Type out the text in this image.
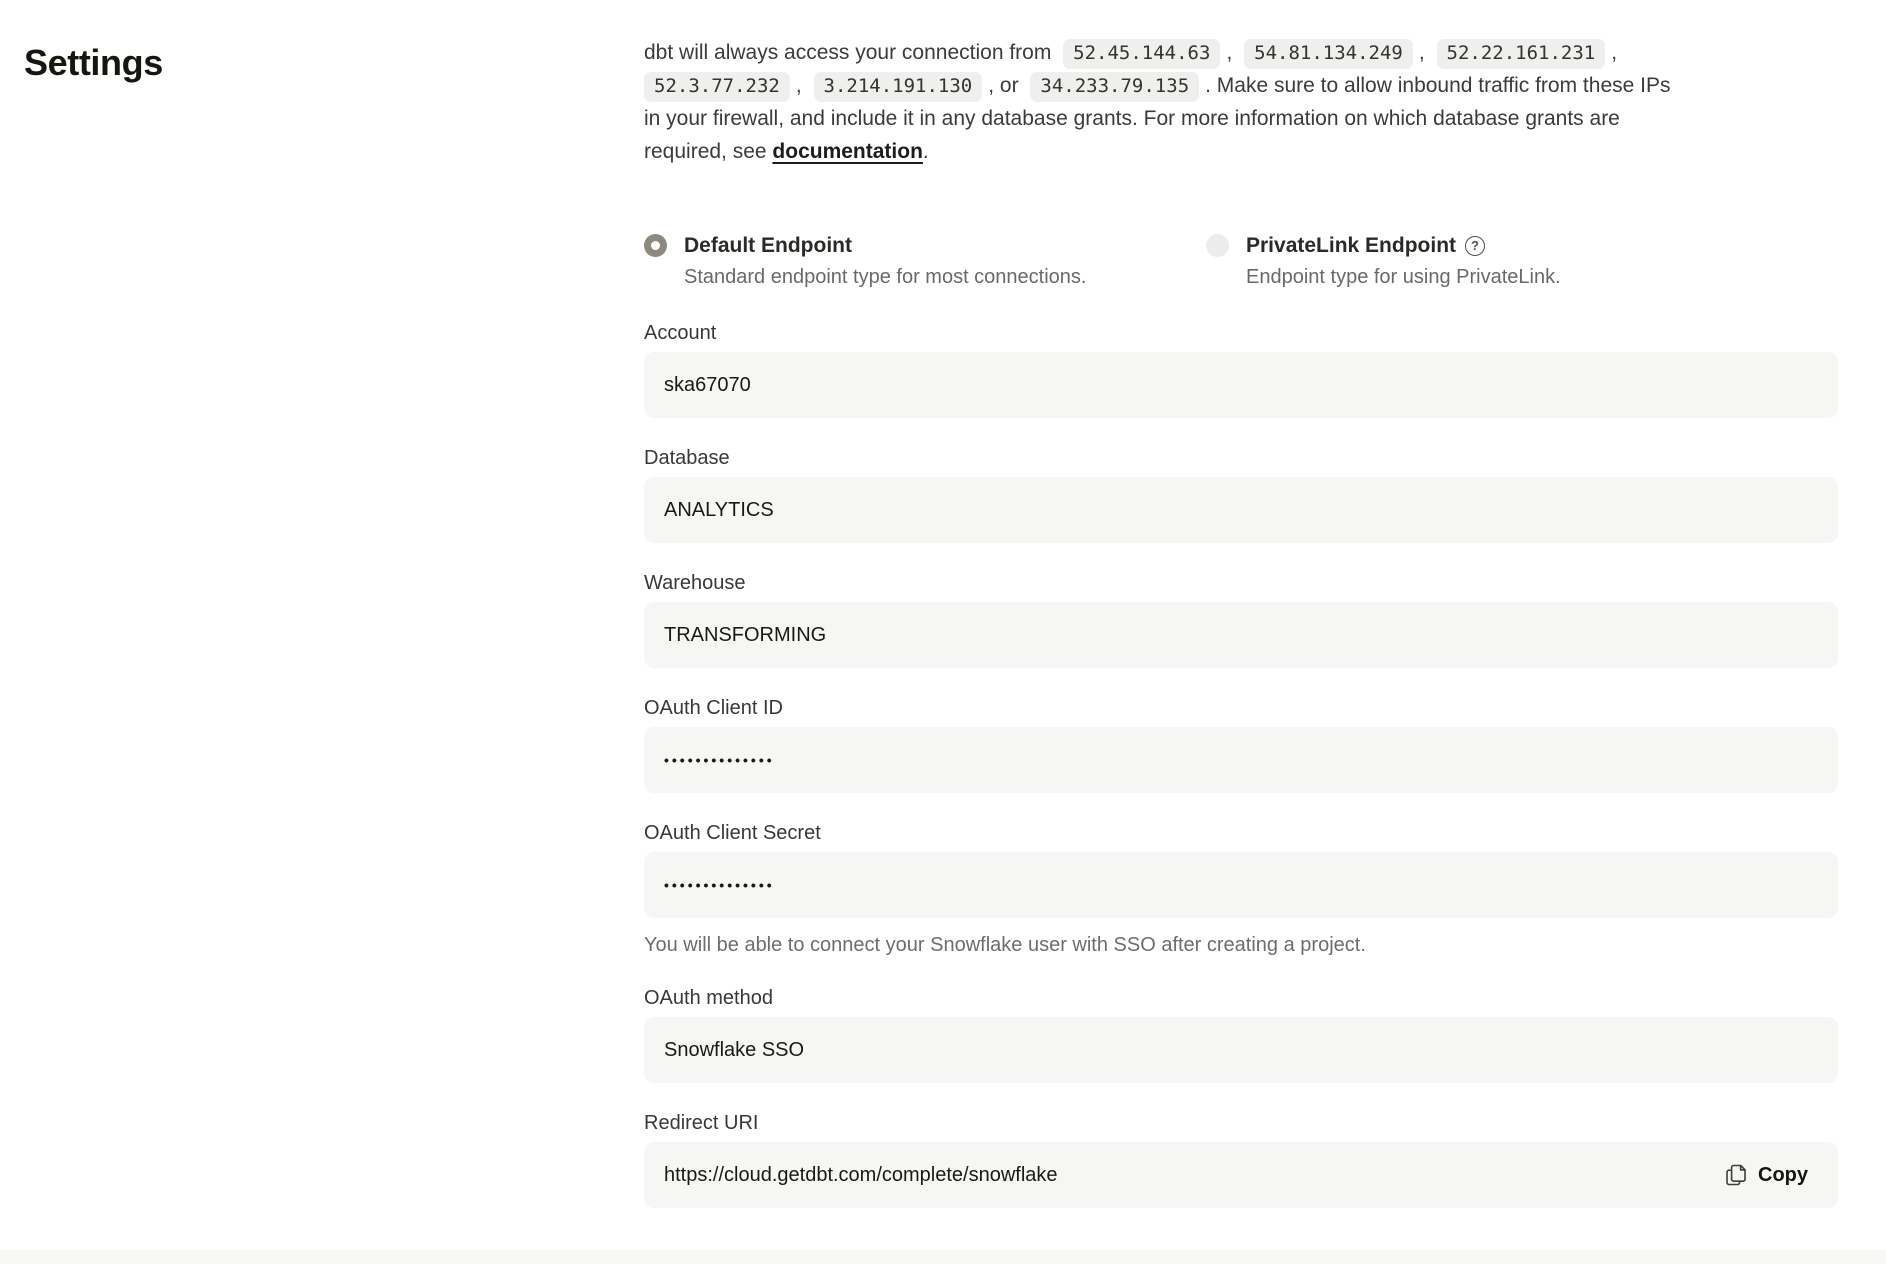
Settings	dbt will always access your connection from 52.45.144.63 , 54.81.134.249 , 52.22.161.231 ,
52.3.77.232 , 3.214.191.130 , or 34.233.79.135 . Make sure to allow inbound traffic from these IPs
in your firewall, and include it in any database grants. For more information on which database grants are
required, see documentation.
Default Endpoint
Standard endpoint type for most connections.
PrivateLink Endpoint ?
Endpoint type for using PrivateLink.
Account
ska67070
Database
ANALYTICS
Warehouse
TRANSFORMING
OAuth Client ID
••••••••••••••
OAuth Client Secret
••••••••••••••
You will be able to connect your Snowflake user with SSO after creating a project.
OAuth method
Snowflake SSO
Redirect URI
https://cloud.getdbt.com/complete/snowflake	Copy
